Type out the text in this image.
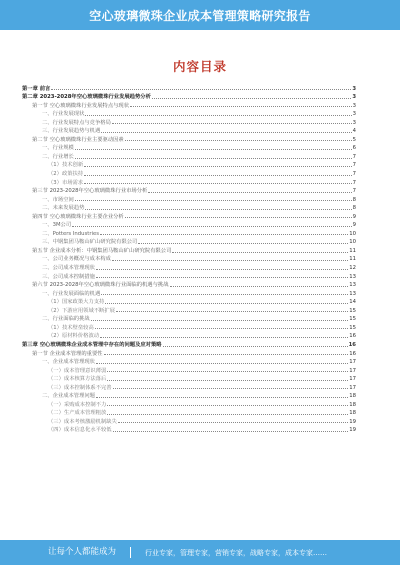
空心玻璃微珠企业成本管理策略研究报告
内容目录
第一章 前言	3
第二章 2023-2028年空心玻璃微珠行业发展趋势分析	3
第一节 空心玻璃微珠行业发展特点与现状	3
一、行业发展现状	3
二、行业发展特点与竞争格局	3
三、行业发展趋势与机遇	4
第二节 空心玻璃微珠行业主要驱动因素	5
一、行业规模	6
二、行业增长	7
（1）技术创新	7
（2）政策扶持	7
（3）市场需求	7
第三节 2023-2028年空心玻璃微珠行业市场分析	7
一、市场空间	8
二、未来发展趋势	8
第四节 空心玻璃微珠行业主要企业分析	9
一、3M公司	9
二、Potters Industries	10
三、中钢集团马鞍山矿山研究院有限公司	10
第五节 企业成本分析：中钢集团马鞍山矿山研究院有限公司	11
一、公司业务概况与成本构成	11
二、公司成本管理现状	12
三、公司成本控制措施	13
第六节 2023-2028年空心玻璃微珠行业面临的机遇与挑战	13
一、行业发展面临的机遇	13
（1）国家政策大力支持	14
（2）下游应用领域不断扩展	15
二、行业面临的挑战	15
（1）技术壁垒较高	15
（2）原材料价格波动	16
第三章 空心玻璃微珠企业成本管理中存在的问题及应对策略	16
第一节 企业成本管理的重要性	16
一、企业成本管理现状	17
（一）成本管理意识薄弱	17
（二）成本核算方法落后	17
（三）成本控制体系不完善	17
二、企业成本管理问题	18
（一）采购成本控制不力	18
（二）生产成本管理粗放	18
（三）成本考核激励机制缺失	19
（四）成本信息化水平较低	19
让每个人都能成为	行业专家，管理专家，营销专家，战略专家，成本专家……
